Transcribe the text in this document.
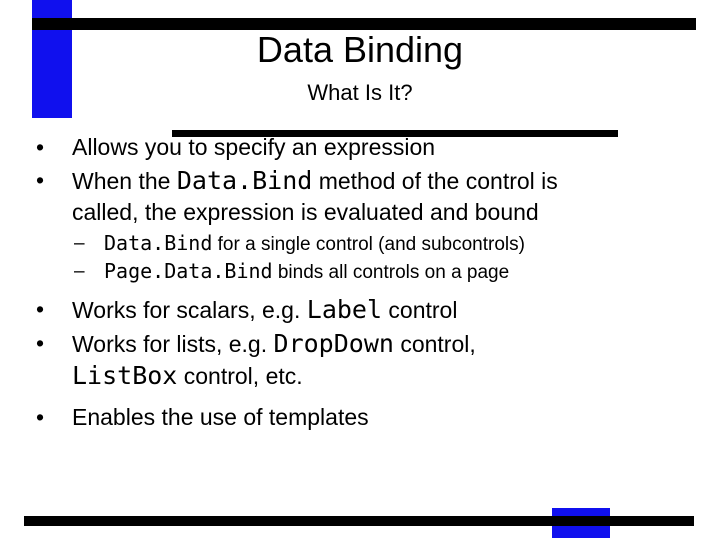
Data Binding
What Is It?
• Allows you to specify an expression
• When the Data.Bind method of the control is
called, the expression is evaluated and bound
– Data.Bind for a single control (and subcontrols)
– Page.Data.Bind binds all controls on a page
• Works for scalars, e.g. Label control
• Works for lists, e.g. DropDown control,
ListBox control, etc.
• Enables the use of templates
